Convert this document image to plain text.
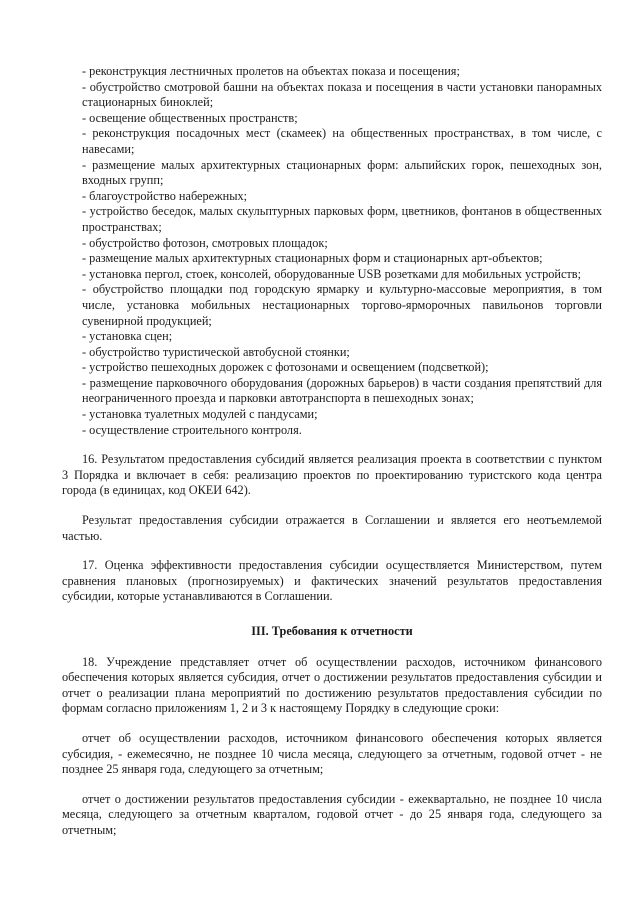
- реконструкция лестничных пролетов на объектах показа и посещения;

- обустройство смотровой башни на объектах показа и посещения в части установки панорамных стационарных биноклей;

- освещение общественных пространств;

- реконструкция посадочных мест (скамеек) на общественных пространствах, в том числе, с навесами;

- размещение малых архитектурных стационарных форм: альпийских горок, пешеходных зон, входных групп;

- благоустройство набережных;

- устройство беседок, малых скульптурных парковых форм, цветников, фонтанов в общественных пространствах;

- обустройство фотозон, смотровых площадок;

- размещение малых архитектурных стационарных форм и стационарных арт-объектов;

- установка пергол, стоек, консолей, оборудованные USB розетками для мобильных устройств;

- обустройство площадки под городскую ярмарку и культурно-массовые мероприятия, в том числе, установка мобильных нестационарных торгово-ярморочных павильонов торговли сувенирной продукцией;

- установка сцен;

- обустройство туристической автобусной стоянки;

- устройство пешеходных дорожек с фотозонами и освещением (подсветкой);

- размещение парковочного оборудования (дорожных барьеров) в части создания препятствий для неограниченного проезда и парковки автотранспорта в пешеходных зонах;

- установка туалетных модулей с пандусами;

- осуществление строительного контроля.

16. Результатом предоставления субсидий является реализация проекта в соответствии с пунктом 3 Порядка и включает в себя: реализацию проектов по проектированию туристского кода центра города (в единицах, код ОКЕИ 642).

Результат предоставления субсидии отражается в Соглашении и является его неотъемлемой частью.

17. Оценка эффективности предоставления субсидии осуществляется Министерством, путем сравнения плановых (прогнозируемых) и фактических значений результатов предоставления субсидии, которые устанавливаются в Соглашении.

III. Требования к отчетности

18. Учреждение представляет отчет об осуществлении расходов, источником финансового обеспечения которых является субсидия, отчет о достижении результатов предоставления субсидии и отчет о реализации плана мероприятий по достижению результатов предоставления субсидии по формам согласно приложениям 1, 2 и 3 к настоящему Порядку в следующие сроки:

отчет об осуществлении расходов, источником финансового обеспечения которых является субсидия, - ежемесячно, не позднее 10 числа месяца, следующего за отчетным, годовой отчет - не позднее 25 января года, следующего за отчетным;

отчет о достижении результатов предоставления субсидии - ежеквартально, не позднее 10 числа месяца, следующего за отчетным кварталом, годовой отчет - до 25 января года, следующего за отчетным;
